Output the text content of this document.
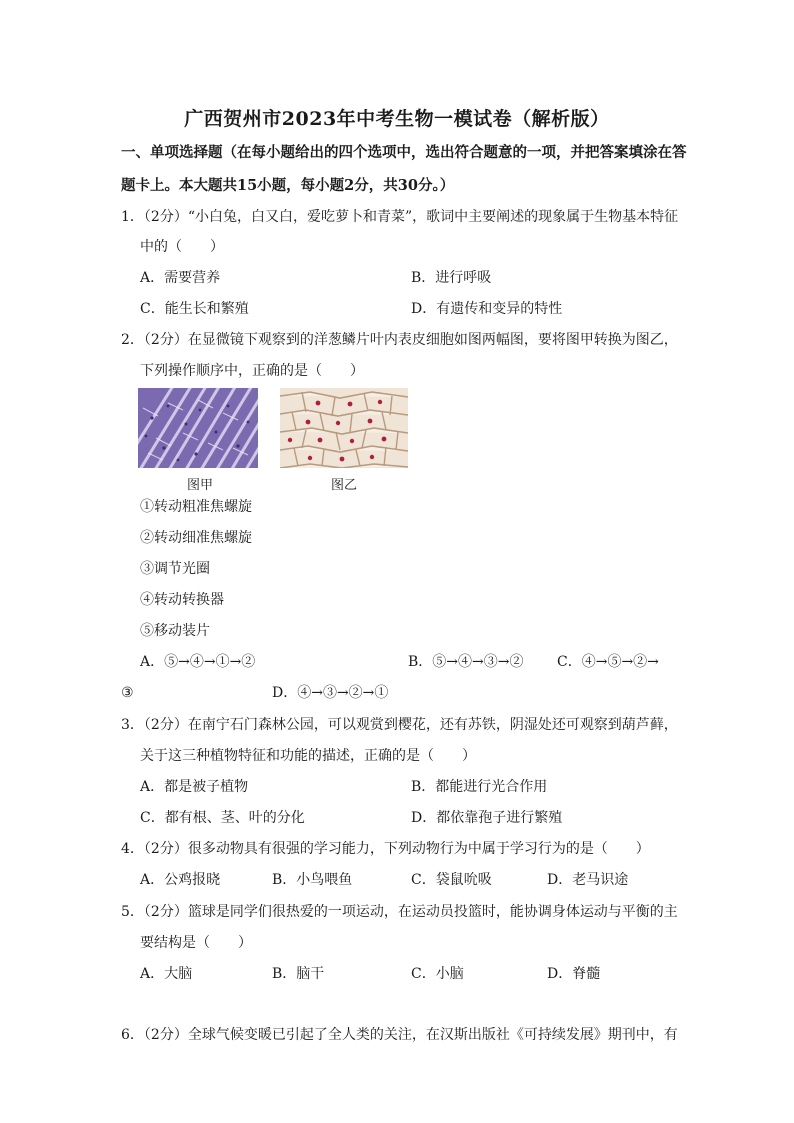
广西贺州市2023年中考生物一模试卷（解析版）
一、单项选择题（在每小题给出的四个选项中，选出符合题意的一项，并把答案填涂在答
题卡上。本大题共15小题，每小题2分，共30分。）
1．（2分）“小白兔，白又白，爱吃萝卜和青菜”，歌词中主要阐述的现象属于生物基本特征
中的（　　）
A．需要营养	B．进行呼吸
C．能生长和繁殖	D．有遗传和变异的特性
2．（2分）在显微镜下观察到的洋葱鳞片叶内表皮细胞如图两幅图，要将图甲转换为图乙，
下列操作顺序中，正确的是（　　）
图甲	图乙
①转动粗准焦螺旋
②转动细准焦螺旋
③调节光圈
④转动转换器
⑤移动装片
A．⑤→④→①→②	B．⑤→④→③→② C．④→⑤→②→
③	D．④→③→②→①
3．（2分）在南宁石门森林公园，可以观赏到樱花，还有苏铁，阴湿处还可观察到葫芦藓，
关于这三种植物特征和功能的描述，正确的是（　　）
A．都是被子植物	B．都能进行光合作用
C．都有根、茎、叶的分化	D．都依靠孢子进行繁殖
4．（2分）很多动物具有很强的学习能力，下列动物行为中属于学习行为的是（　　）
A．公鸡报晓	B．小鸟喂鱼	C．袋鼠吮吸	D．老马识途
5．（2分）篮球是同学们很热爱的一项运动，在运动员投篮时，能协调身体运动与平衡的主
要结构是（　　）
A．大脑	B．脑干	C．小脑	D．脊髓
6．（2分）全球气候变暖已引起了全人类的关注，在汉斯出版社《可持续发展》期刊中，有
